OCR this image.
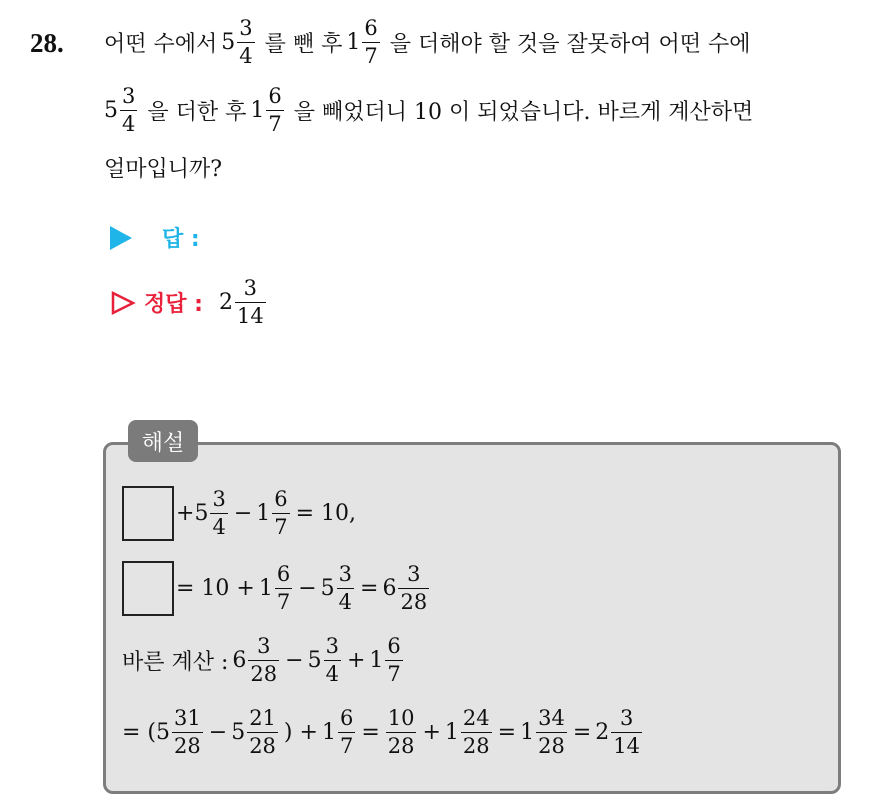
28. 어떤 수에서 $5 \frac{3}{4}$ 를 뺀 후 $1 \frac{6}{7}$ 을 더해야 할 것을 잘못하여 어떤 수에
$5 \frac{3}{4}$ 을 더한 후 $1 \frac{6}{7}$ 을 빼었더니 10 이 되었습니다. 바르게 계산하면
얼마입니까?
답 :
정답 : $2 \frac{3}{14}$
해설
+ $5 \frac{3}{4} - 1 \frac{6}{7} = 10$,
= $10 + 1 \frac{6}{7} - 5 \frac{3}{4} = 6 \frac{3}{28}$
바른 계산 : $6 \frac{3}{28} - 5 \frac{3}{4} + 1 \frac{6}{7}$
= ( $5 \frac{31}{28} - 5 \frac{21}{28}$ ) + $1 \frac{6}{7} = \frac{10}{28} + 1 \frac{24}{28} = 1 \frac{34}{28} = 2 \frac{3}{14}$
